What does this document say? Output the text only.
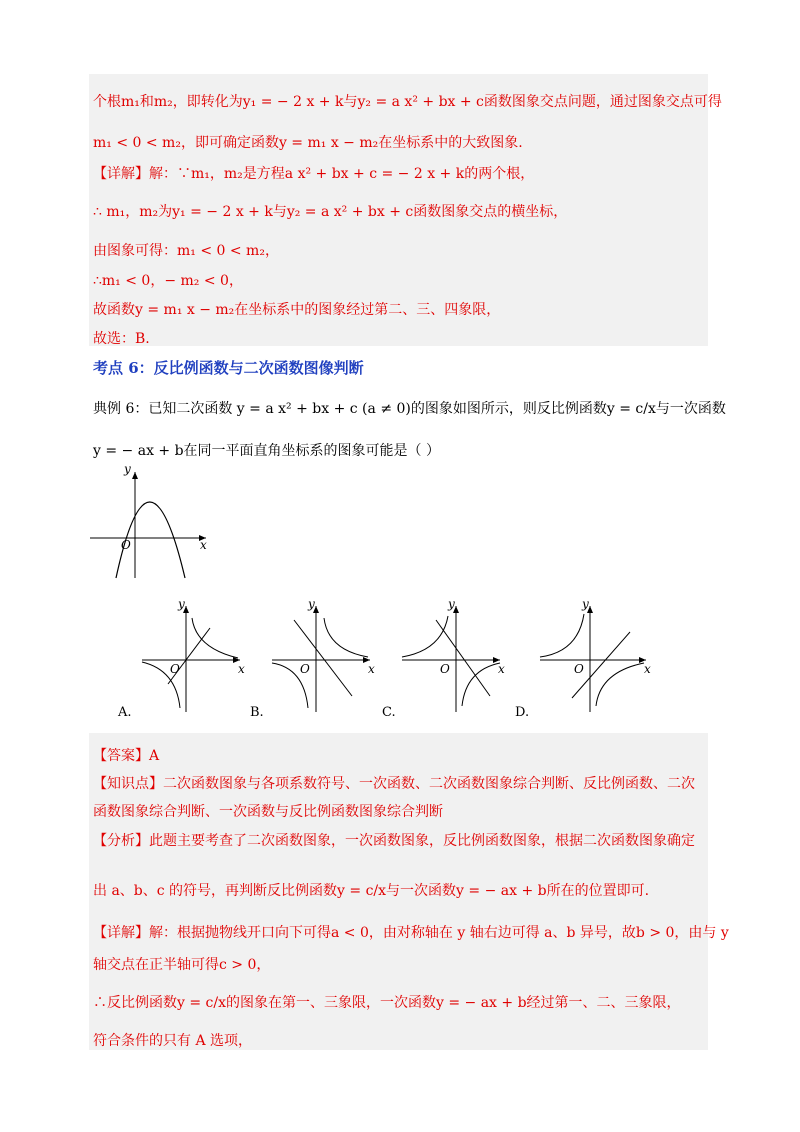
个根m₁和m₂，即转化为y₁ = − 2 x + k与y₂ = a x² + bx + c函数图象交点问题，通过图象交点可得
m₁ < 0 < m₂，即可确定函数y = m₁ x − m₂在坐标系中的大致图象.
【详解】解：∵m₁，m₂是方程a x² + bx + c = − 2 x + k的两个根，
∴ m₁，m₂为y₁ = − 2 x + k与y₂ = a x² + bx + c函数图象交点的横坐标，
由图象可得：m₁ < 0 < m₂，
∴m₁ < 0，− m₂ < 0，
故函数y = m₁ x − m₂在坐标系中的图象经过第二、三、四象限，
故选：B.
考点 6：反比例函数与二次函数图像判断
典例 6：已知二次函数 y = a x² + bx + c (a ≠ 0)的图象如图所示，则反比例函数y = c/x与一次函数
y = − ax + b在同一平面直角坐标系的图象可能是（ ）
y
x
O
y
x
O
A.
y
x
O
B.
y
x
O
C.
y
x
O
D.
【答案】A
【知识点】二次函数图象与各项系数符号、一次函数、二次函数图象综合判断、反比例函数、二次
函数图象综合判断、一次函数与反比例函数图象综合判断
【分析】此题主要考查了二次函数图象，一次函数图象，反比例函数图象，根据二次函数图象确定
出 a、b、c 的符号，再判断反比例函数y = c/x与一次函数y = − ax + b所在的位置即可.
【详解】解：根据抛物线开口向下可得a < 0，由对称轴在 y 轴右边可得 a、b 异号，故b > 0，由与 y
轴交点在正半轴可得c > 0，
∴反比例函数y = c/x的图象在第一、三象限，一次函数y = − ax + b经过第一、二、三象限，
符合条件的只有 A 选项，
